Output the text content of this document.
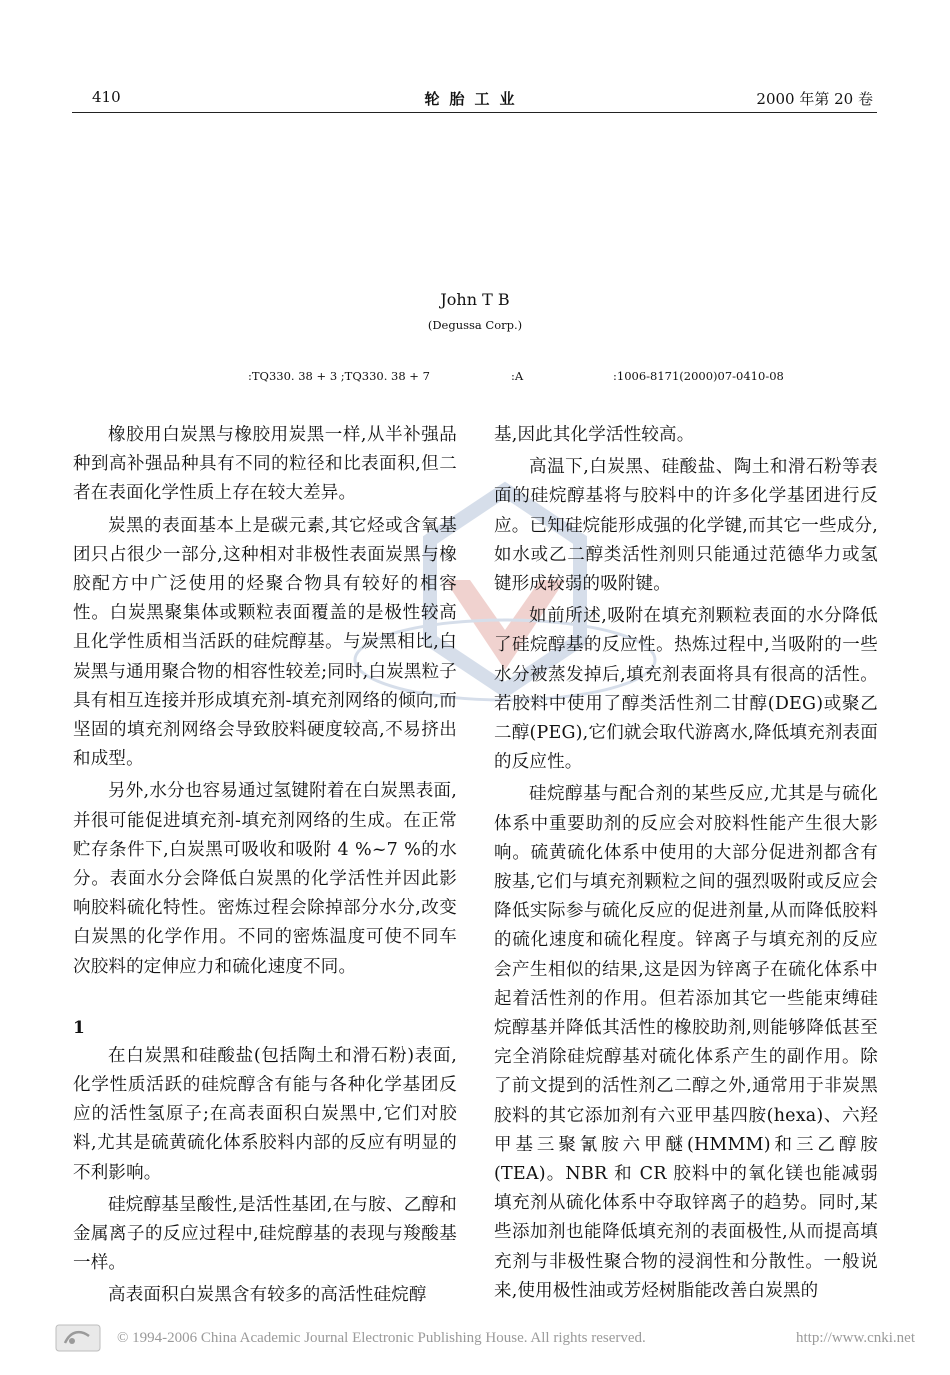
410	轮胎工业	2000 年第 20 卷
John T B
(Degussa Corp.)
:TQ330. 38 + 3 ;TQ330. 38 + 7	:A	:1006-8171(2000)07-0410-08

橡胶用白炭黑与橡胶用炭黑一样,从半补强品种到高补强品种具有不同的粒径和比表面积,但二者在表面化学性质上存在较大差异。

炭黑的表面基本上是碳元素,其它烃或含氧基团只占很少一部分,这种相对非极性表面炭黑与橡胶配方中广泛使用的烃聚合物具有较好的相容性。白炭黑聚集体或颗粒表面覆盖的是极性较高且化学性质相当活跃的硅烷醇基。与炭黑相比,白炭黑与通用聚合物的相容性较差;同时,白炭黑粒子具有相互连接并形成填充剂-填充剂网络的倾向,而坚固的填充剂网络会导致胶料硬度较高,不易挤出和成型。

另外,水分也容易通过氢键附着在白炭黑表面,并很可能促进填充剂-填充剂网络的生成。在正常贮存条件下,白炭黑可吸收和吸附 4 %~7 %的水分。表面水分会降低白炭黑的化学活性并因此影响胶料硫化特性。密炼过程会除掉部分水分,改变白炭黑的化学作用。不同的密炼温度可使不同车次胶料的定伸应力和硫化速度不同。

1

在白炭黑和硅酸盐(包括陶土和滑石粉)表面,化学性质活跃的硅烷醇含有能与各种化学基团反应的活性氢原子;在高表面积白炭黑中,它们对胶料,尤其是硫黄硫化体系胶料内部的反应有明显的不利影响。

硅烷醇基呈酸性,是活性基团,在与胺、乙醇和金属离子的反应过程中,硅烷醇基的表现与羧酸基一样。

高表面积白炭黑含有较多的高活性硅烷醇

基,因此其化学活性较高。

高温下,白炭黑、硅酸盐、陶土和滑石粉等表面的硅烷醇基将与胶料中的许多化学基团进行反应。已知硅烷能形成强的化学键,而其它一些成分,如水或乙二醇类活性剂则只能通过范德华力或氢键形成较弱的吸附键。

如前所述,吸附在填充剂颗粒表面的水分降低了硅烷醇基的反应性。热炼过程中,当吸附的一些水分被蒸发掉后,填充剂表面将具有很高的活性。若胶料中使用了醇类活性剂二甘醇(DEG)或聚乙二醇(PEG),它们就会取代游离水,降低填充剂表面的反应性。

硅烷醇基与配合剂的某些反应,尤其是与硫化体系中重要助剂的反应会对胶料性能产生很大影响。硫黄硫化体系中使用的大部分促进剂都含有胺基,它们与填充剂颗粒之间的强烈吸附或反应会降低实际参与硫化反应的促进剂量,从而降低胶料的硫化速度和硫化程度。锌离子与填充剂的反应会产生相似的结果,这是因为锌离子在硫化体系中起着活性剂的作用。但若添加其它一些能束缚硅烷醇基并降低其活性的橡胶助剂,则能够降低甚至完全消除硅烷醇基对硫化体系产生的副作用。除了前文提到的活性剂乙二醇之外,通常用于非炭黑胶料的其它添加剂有六亚甲基四胺(hexa)、六羟甲基三聚氰胺六甲醚(HMMM)和三乙醇胺(TEA)。NBR 和 CR 胶料中的氧化镁也能减弱填充剂从硫化体系中夺取锌离子的趋势。同时,某些添加剂也能降低填充剂的表面极性,从而提高填充剂与非极性聚合物的浸润性和分散性。一般说来,使用极性油或芳烃树脂能改善白炭黑的

© 1994-2006 China Academic Journal Electronic Publishing House. All rights reserved.	http://www.cnki.net
